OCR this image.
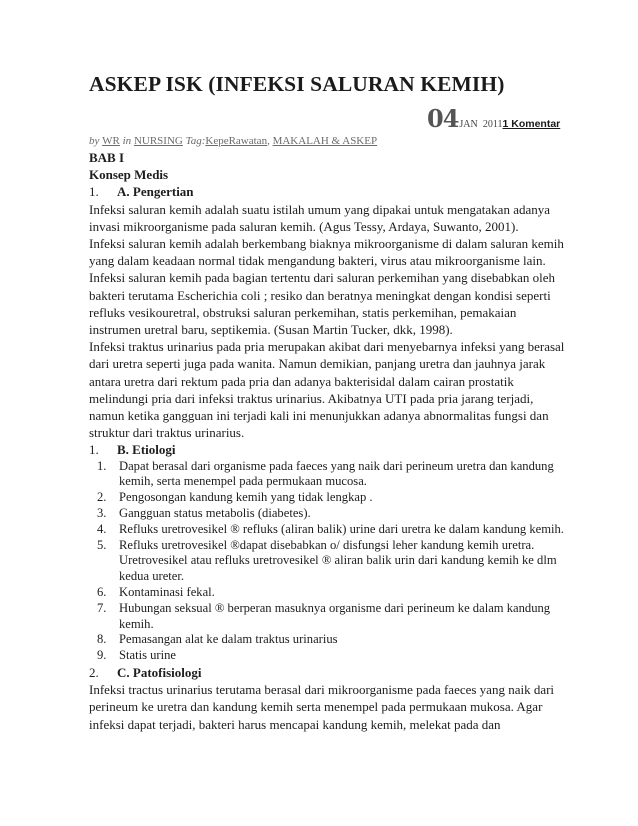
ASKEP ISK (INFEKSI SALURAN KEMIH)
04JAN 20111 Komentar
by WR in NURSING Tag:KepeRawatan, MAKALAH & ASKEP

BAB I

Konsep Medis

1. A. Pengertian

Infeksi saluran kemih adalah suatu istilah umum yang dipakai untuk mengatakan adanya invasi mikroorganisme pada saluran kemih. (Agus Tessy, Ardaya, Suwanto, 2001).

Infeksi saluran kemih adalah berkembang biaknya mikroorganisme di dalam saluran kemih yang dalam keadaan normal tidak mengandung bakteri, virus atau mikroorganisme lain.

Infeksi saluran kemih pada bagian tertentu dari saluran perkemihan yang disebabkan oleh bakteri terutama Escherichia coli ; resiko dan beratnya meningkat dengan kondisi seperti refluks vesikouretral, obstruksi saluran perkemihan, statis perkemihan, pemakaian instrumen uretral baru, septikemia. (Susan Martin Tucker, dkk, 1998).

Infeksi traktus urinarius pada pria merupakan akibat dari menyebarnya infeksi yang berasal dari uretra seperti juga pada wanita. Namun demikian, panjang uretra dan jauhnya jarak antara uretra dari rektum pada pria dan adanya bakterisidal dalam cairan prostatik melindungi pria dari infeksi traktus urinarius. Akibatnya UTI pada pria jarang terjadi, namun ketika gangguan ini terjadi kali ini menunjukkan adanya abnormalitas fungsi dan struktur dari traktus urinarius.

1. B. Etiologi

1. Dapat berasal dari organisme pada faeces yang naik dari perineum uretra dan kandung kemih, serta menempel pada permukaan mucosa.
2. Pengosongan kandung kemih yang tidak lengkap .
3. Gangguan status metabolis (diabetes).
4. Refluks uretrovesikel ® refluks (aliran balik) urine dari uretra ke dalam kandung kemih.
5. Refluks uretrovesikel ®dapat disebabkan o/ disfungsi leher kandung kemih uretra. Uretrovesikel atau refluks uretrovesikel ® aliran balik urin dari kandung kemih ke dlm kedua ureter.
6. Kontaminasi fekal.
7. Hubungan seksual ® berperan masuknya organisme dari perineum ke dalam kandung kemih.
8. Pemasangan alat ke dalam traktus urinarius
9. Statis urine

2. C. Patofisiologi

Infeksi tractus urinarius terutama berasal dari mikroorganisme pada faeces yang naik dari perineum ke uretra dan kandung kemih serta menempel pada permukaan mukosa. Agar infeksi dapat terjadi, bakteri harus mencapai kandung kemih, melekat pada dan
